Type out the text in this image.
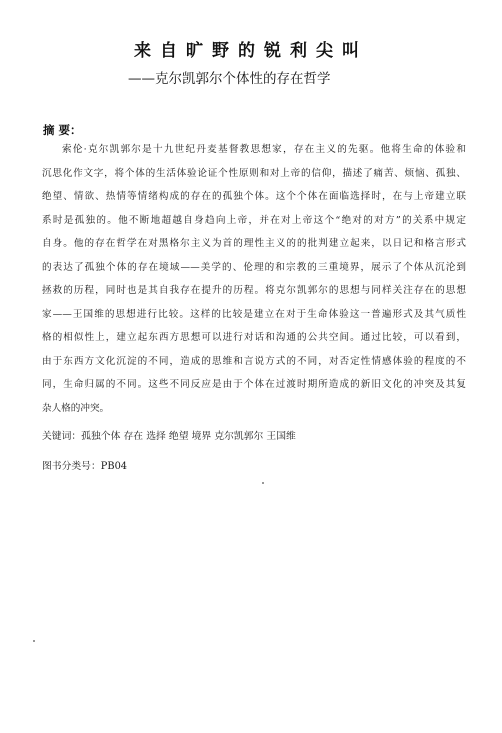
来自旷野的锐利尖叫
——克尔凯郭尔个体性的存在哲学
摘 要：
索伦·克尔凯郭尔是十九世纪丹麦基督教思想家，存在主义的先驱。他将生命的体验和
沉思化作文字，将个体的生活体验论证个性原则和对上帝的信仰，描述了痛苦、烦恼、孤独、
绝望、情欲、热情等情绪构成的存在的孤独个体。这个个体在面临选择时，在与上帝建立联
系时是孤独的。他不断地超越自身趋向上帝，并在对上帝这个“绝对的对方”的关系中规定
自身。他的存在哲学在对黑格尔主义为首的理性主义的的批判建立起来，以日记和格言形式
的表达了孤独个体的存在境域——美学的、伦理的和宗教的三重境界，展示了个体从沉沦到
拯救的历程，同时也是其自我存在提升的历程。将克尔凯郭尔的思想与同样关注存在的思想
家——王国维的思想进行比较。这样的比较是建立在对于生命体验这一普遍形式及其气质性
格的相似性上，建立起东西方思想可以进行对话和沟通的公共空间。通过比较，可以看到，
由于东西方文化沉淀的不同，造成的思维和言说方式的不同，对否定性情感体验的程度的不
同，生命归属的不同。这些不同反应是由于个体在过渡时期所造成的新旧文化的冲突及其复
杂人格的冲突。
关键词：孤独个体 存在 选择 绝望 境界 克尔凯郭尔 王国维
图书分类号：PB04
